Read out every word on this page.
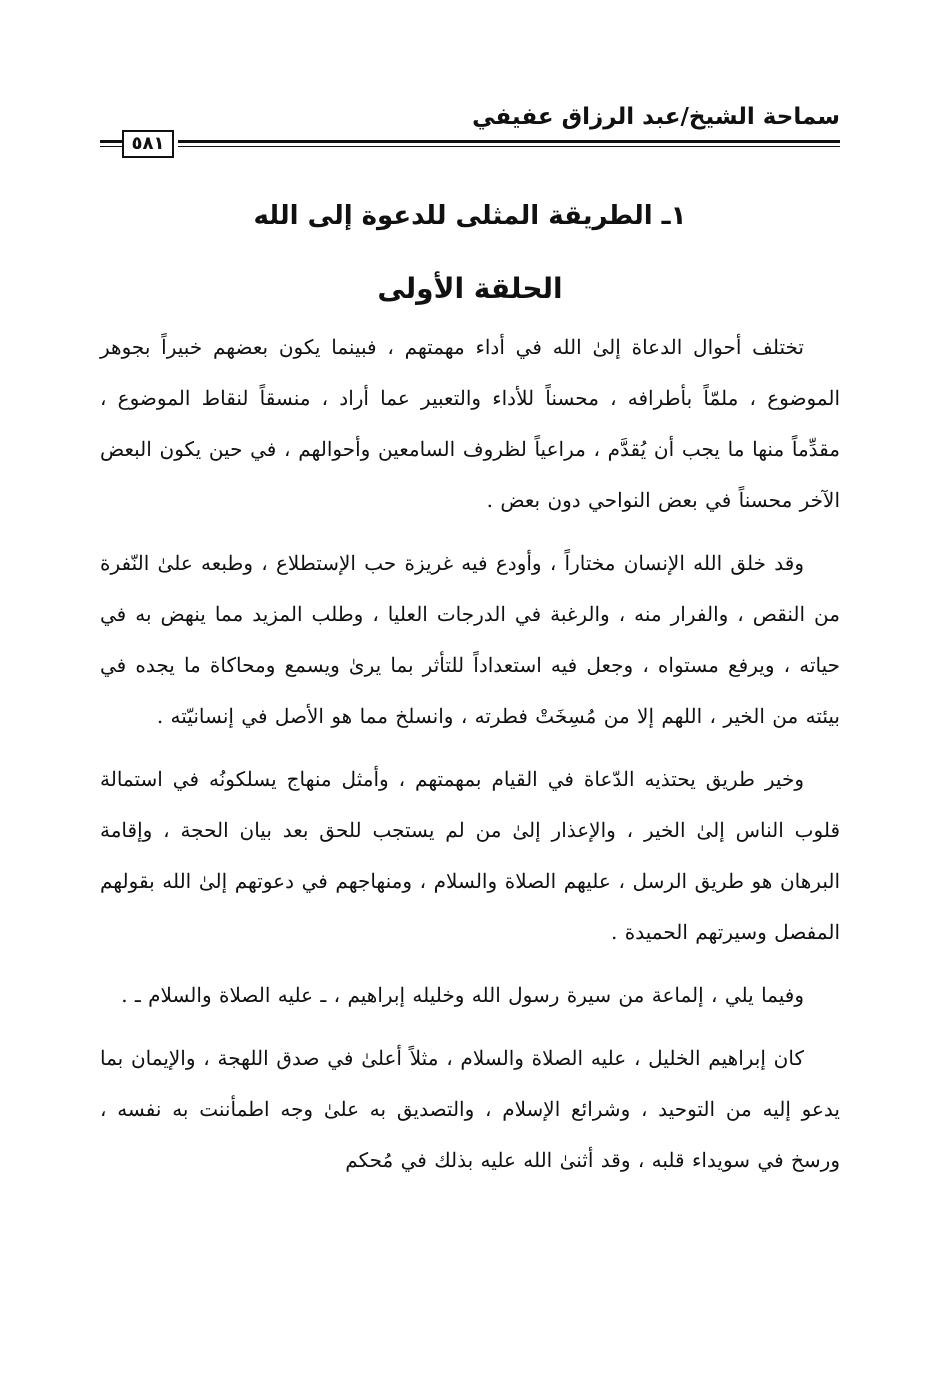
سماحة الشيخ/عبد الرزاق عفيفي
٥٨١
١ـ الطريقة المثلى للدعوة إلى الله
الحلقة الأولى

تختلف أحوال الدعاة إلىٰ الله في أداء مهمتهم ، فبينما يكون بعضهم خبيراً بجوهر الموضوع ، ملمّاً بأطرافه ، محسناً للأداء والتعبير عما أراد ، منسقاً لنقاط الموضوع ، مقدِّماً منها ما يجب أن يُقدَّم ، مراعياً لظروف السامعين وأحوالهم ، في حين يكون البعض الآخر محسناً في بعض النواحي دون بعض .

وقد خلق الله الإنسان مختاراً ، وأودع فيه غريزة حب الإستطلاع ، وطبعه علىٰ النّفرة من النقص ، والفرار منه ، والرغبة في الدرجات العليا ، وطلب المزيد مما ينهض به في حياته ، ويرفع مستواه ، وجعل فيه استعداداً للتأثر بما يرىٰ ويسمع ومحاكاة ما يجده في بيئته من الخير ، اللهم إلا من مُسِخَتْ فطرته ، وانسلخ مما هو الأصل في إنسانيّته .

وخير طريق يحتذيه الدّعاة في القيام بمهمتهم ، وأمثل منهاج يسلكونُه في استمالة قلوب الناس إلىٰ الخير ، والإعذار إلىٰ من لم يستجب للحق بعد بيان الحجة ، وإقامة البرهان هو طريق الرسل ، عليهم الصلاة والسلام ، ومنهاجهم في دعوتهم إلىٰ الله بقولهم المفصل وسيرتهم الحميدة .

وفيما يلي ، إلماعة من سيرة رسول الله وخليله إبراهيم ، ـ عليه الصلاة والسلام ـ .

كان إبراهيم الخليل ، عليه الصلاة والسلام ، مثلاً أعلىٰ في صدق اللهجة ، والإيمان بما يدعو إليه من التوحيد ، وشرائع الإسلام ، والتصديق به علىٰ وجه اطمأننت به نفسه ، ورسخ في سويداء قلبه ، وقد أثنىٰ الله عليه بذلك في مُحكم
